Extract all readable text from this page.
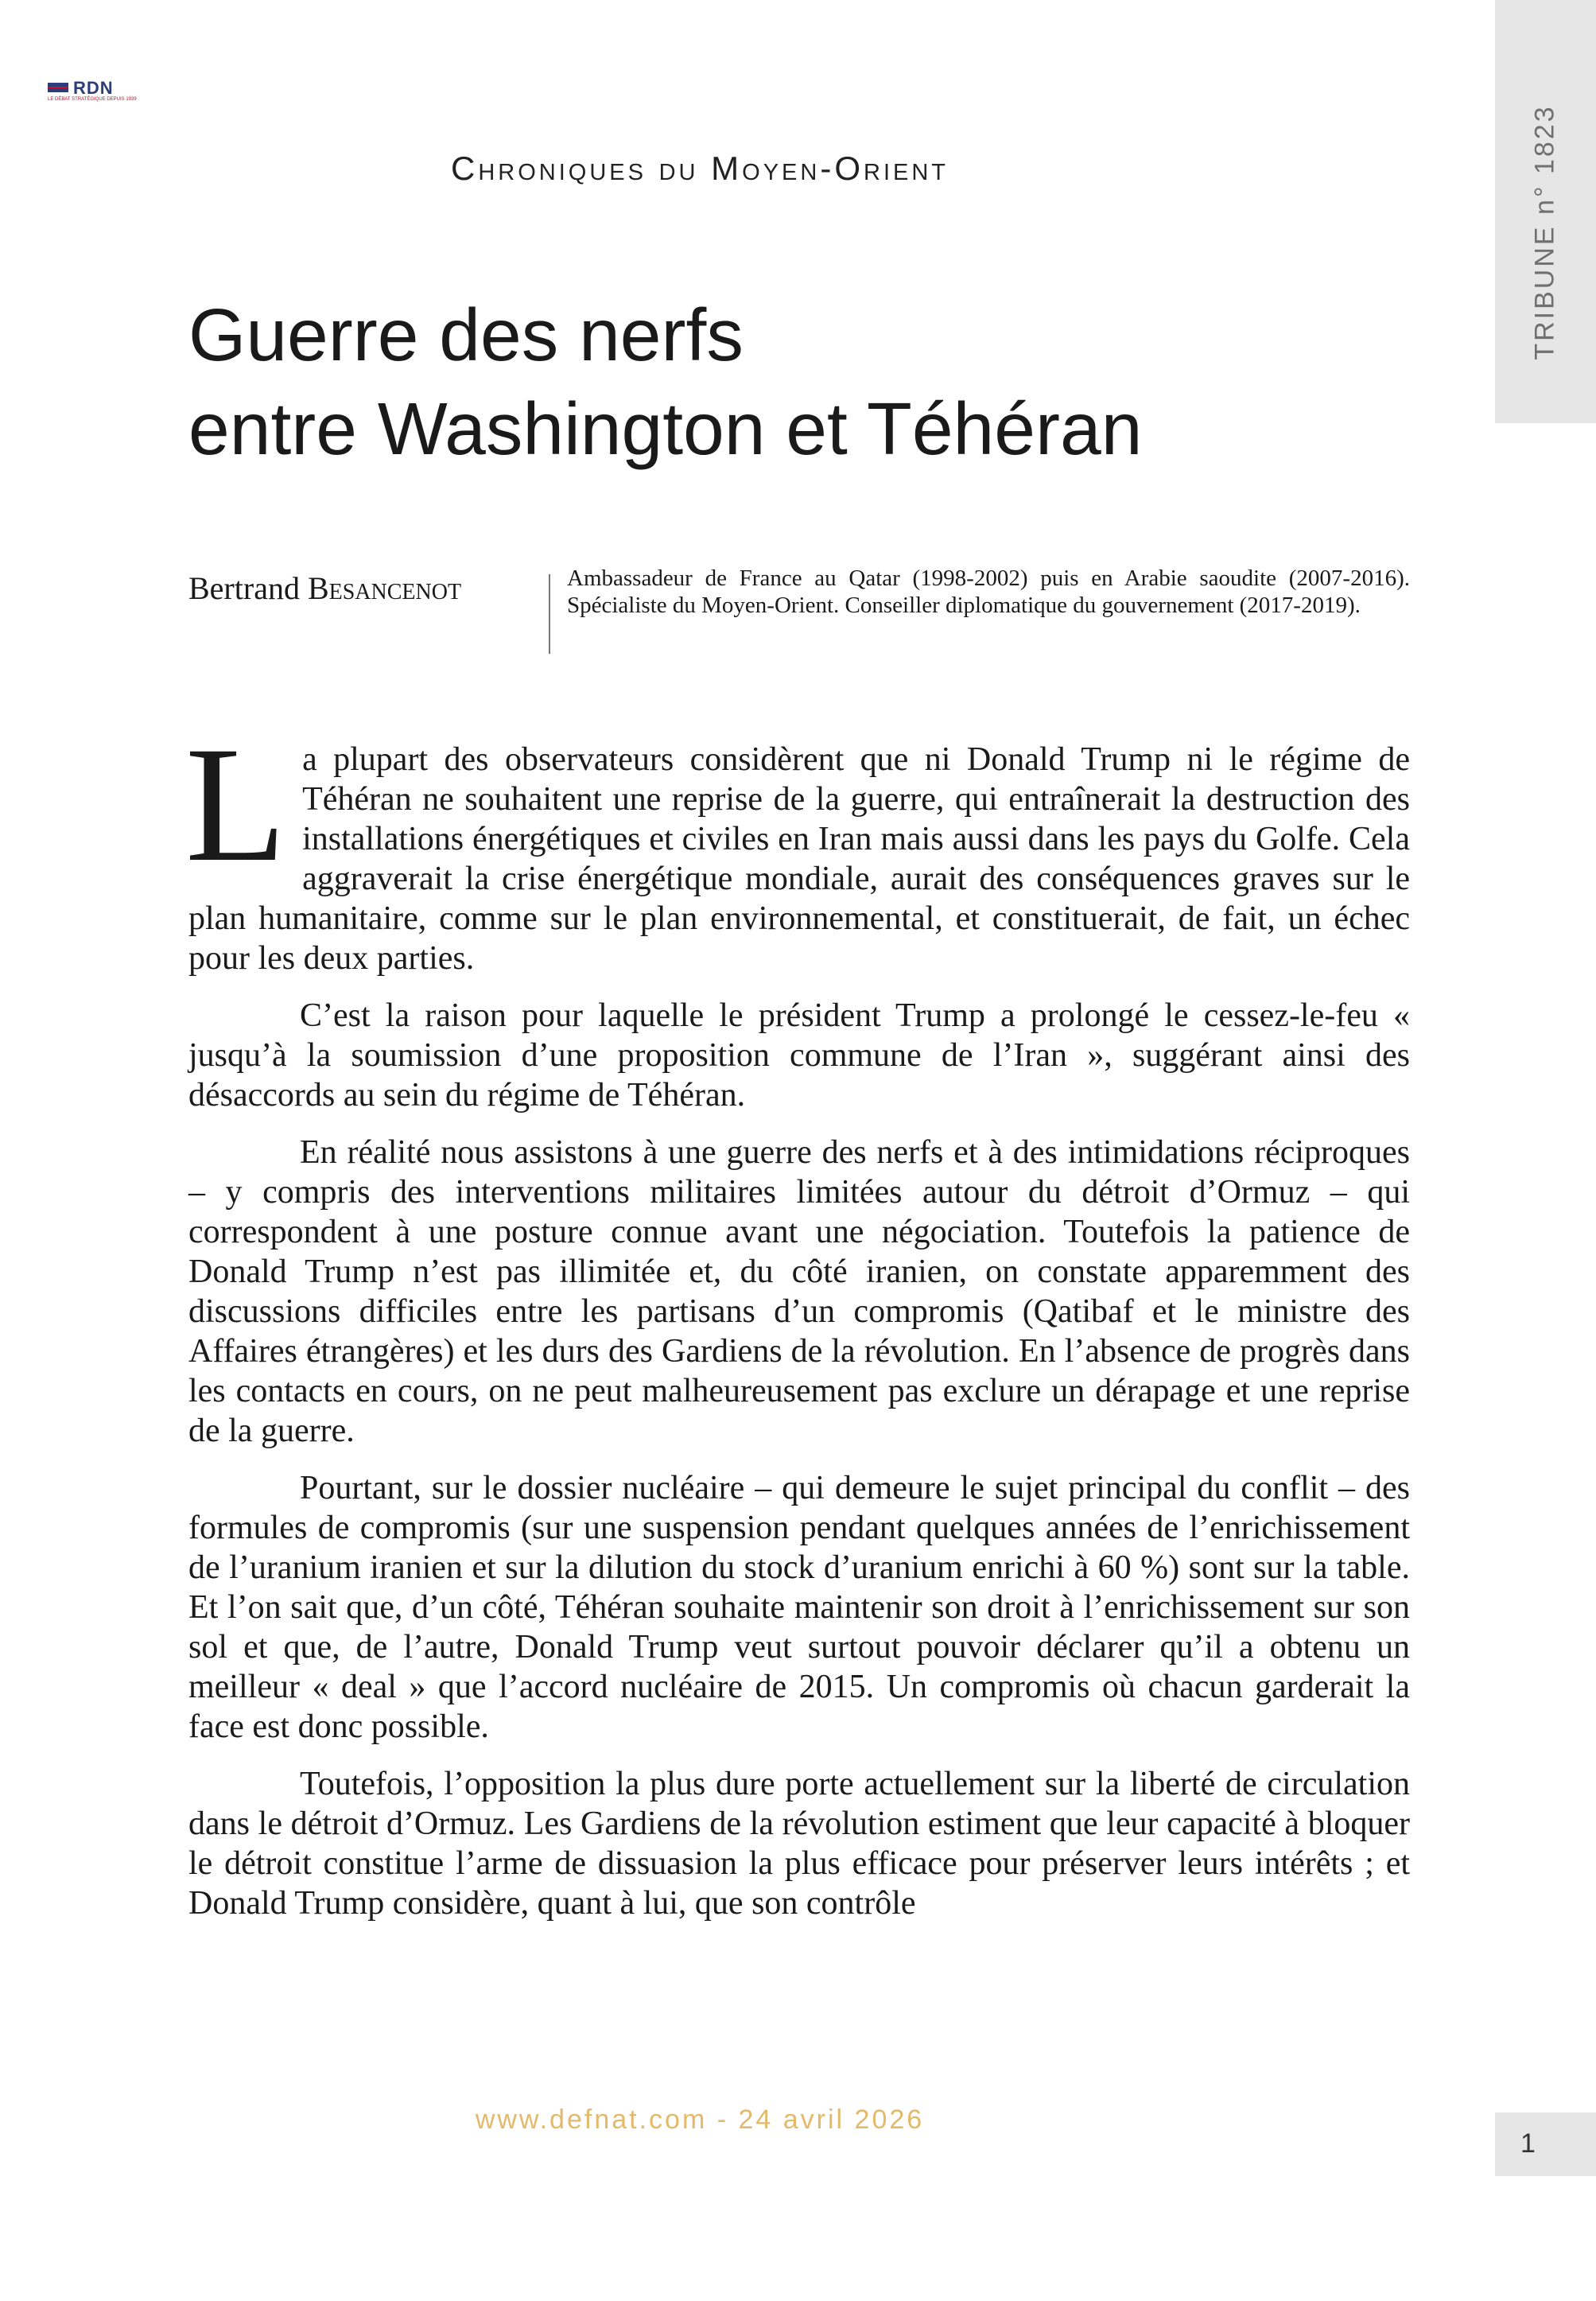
RDN
LE DÉBAT STRATÉGIQUE DEPUIS 1939
TRIBUNE n° 1823
Chroniques du Moyen-Orient
Guerre des nerfs
entre Washington et Téhéran
Bertrand Besancenot	Ambassadeur de France au Qatar (1998-2002) puis en Arabie saoudite (2007-2016). Spécialiste du Moyen-Orient. Conseiller diplomatique du gouvernement (2017-2019).

La plupart des observateurs considèrent que ni Donald Trump ni le régime de Téhéran ne souhaitent une reprise de la guerre, qui entraînerait la destruction des installations énergétiques et civiles en Iran mais aussi dans les pays du Golfe. Cela aggraverait la crise énergétique mondiale, aurait des conséquences graves sur le plan humanitaire, comme sur le plan environnemental, et constituerait, de fait, un échec pour les deux parties.

C’est la raison pour laquelle le président Trump a prolongé le cessez-le-feu « jusqu’à la soumission d’une proposition commune de l’Iran », suggérant ainsi des désaccords au sein du régime de Téhéran.

En réalité nous assistons à une guerre des nerfs et à des intimidations réciproques – y compris des interventions militaires limitées autour du détroit d’Ormuz – qui correspondent à une posture connue avant une négociation. Toutefois la patience de Donald Trump n’est pas illimitée et, du côté iranien, on constate apparemment des discussions difficiles entre les partisans d’un compromis (Qatibaf et le ministre des Affaires étrangères) et les durs des Gardiens de la révolution. En l’absence de progrès dans les contacts en cours, on ne peut malheureusement pas exclure un dérapage et une reprise de la guerre.

Pourtant, sur le dossier nucléaire – qui demeure le sujet principal du conflit – des formules de compromis (sur une suspension pendant quelques années de l’enrichissement de l’uranium iranien et sur la dilution du stock d’uranium enrichi à 60 %) sont sur la table. Et l’on sait que, d’un côté, Téhéran souhaite maintenir son droit à l’enrichissement sur son sol et que, de l’autre, Donald Trump veut surtout pouvoir déclarer qu’il a obtenu un meilleur « deal » que l’accord nucléaire de 2015. Un compromis où chacun garderait la face est donc possible.

Toutefois, l’opposition la plus dure porte actuellement sur la liberté de circulation dans le détroit d’Ormuz. Les Gardiens de la révolution estiment que leur capacité à bloquer le détroit constitue l’arme de dissuasion la plus efficace pour préserver leurs intérêts ; et Donald Trump considère, quant à lui, que son contrôle

www.defnat.com - 24 avril 2026
1
